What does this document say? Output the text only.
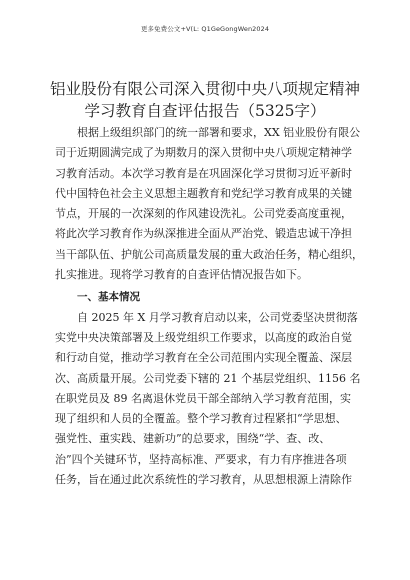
更多免费公文+V(L: Q1GeGongWen2024
铝业股份有限公司深入贯彻中央八项规定精神
学习教育自查评估报告（5325字）
根据上级组织部门的统一部署和要求，XX 铝业股份有限公
司于近期圆满完成了为期数月的深入贯彻中央八项规定精神学
习教育活动。本次学习教育是在巩固深化学习贯彻习近平新时
代中国特色社会主义思想主题教育和党纪学习教育成果的关键
节点，开展的一次深刻的作风建设洗礼。公司党委高度重视，
将此次学习教育作为纵深推进全面从严治党、锻造忠诚干净担
当干部队伍、护航公司高质量发展的重大政治任务，精心组织，
扎实推进。现将学习教育的自查评估情况报告如下。
一、基本情况
自 2025 年 X 月学习教育启动以来，公司党委坚决贯彻落
实党中央决策部署及上级党组织工作要求，以高度的政治自觉
和行动自觉，推动学习教育在全公司范围内实现全覆盖、深层
次、高质量开展。公司党委下辖的 21 个基层党组织、1156 名
在职党员及 89 名离退休党员干部全部纳入学习教育范围，实
现了组织和人员的全覆盖。整个学习教育过程紧扣“学思想、
强党性、重实践、建新功”的总要求，围绕“学、查、改、
治”四个关键环节，坚持高标准、严要求，有力有序推进各项
任务，旨在通过此次系统性的学习教育，从思想根源上清除作
